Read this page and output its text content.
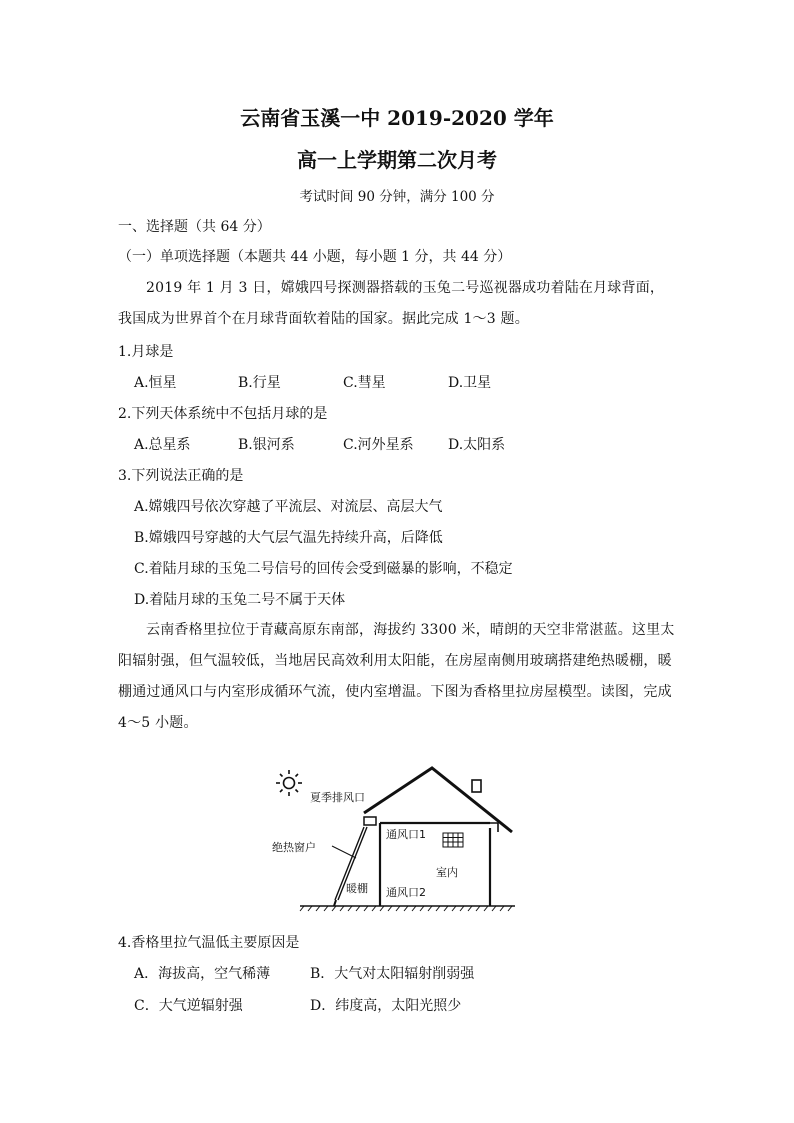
云南省玉溪一中 2019-2020 学年
高一上学期第二次月考
考试时间 90 分钟，满分 100 分
一、选择题（共 64 分）
（一）单项选择题（本题共 44 小题，每小题 1 分，共 44 分）
2019 年 1 月 3 日，嫦娥四号探测器搭载的玉兔二号巡视器成功着陆在月球背面，我国成为世界首个在月球背面软着陆的国家。据此完成 1～3 题。
1.月球是
A.恒星	B.行星	C.彗星	D.卫星
2.下列天体系统中不包括月球的是
A.总星系	B.银河系	C.河外星系 D.太阳系
3.下列说法正确的是
A.嫦娥四号依次穿越了平流层、对流层、高层大气
B.嫦娥四号穿越的大气层气温先持续升高，后降低
C.着陆月球的玉兔二号信号的回传会受到磁暴的影响，不稳定
D.着陆月球的玉兔二号不属于天体
云南香格里拉位于青藏高原东南部，海拔约 3300 米，晴朗的天空非常湛蓝。这里太阳辐射强，但气温较低，当地居民高效利用太阳能，在房屋南侧用玻璃搭建绝热暖棚，暖棚通过通风口与内室形成循环气流，使内室增温。下图为香格里拉房屋模型。读图，完成 4～5 小题。
夏季排风口
绝热窗户
通风口1
通风口2
室内
暖棚
4.香格里拉气温低主要原因是
A．海拔高，空气稀薄	B．大气对太阳辐射削弱强
C．大气逆辐射强	D．纬度高，太阳光照少
